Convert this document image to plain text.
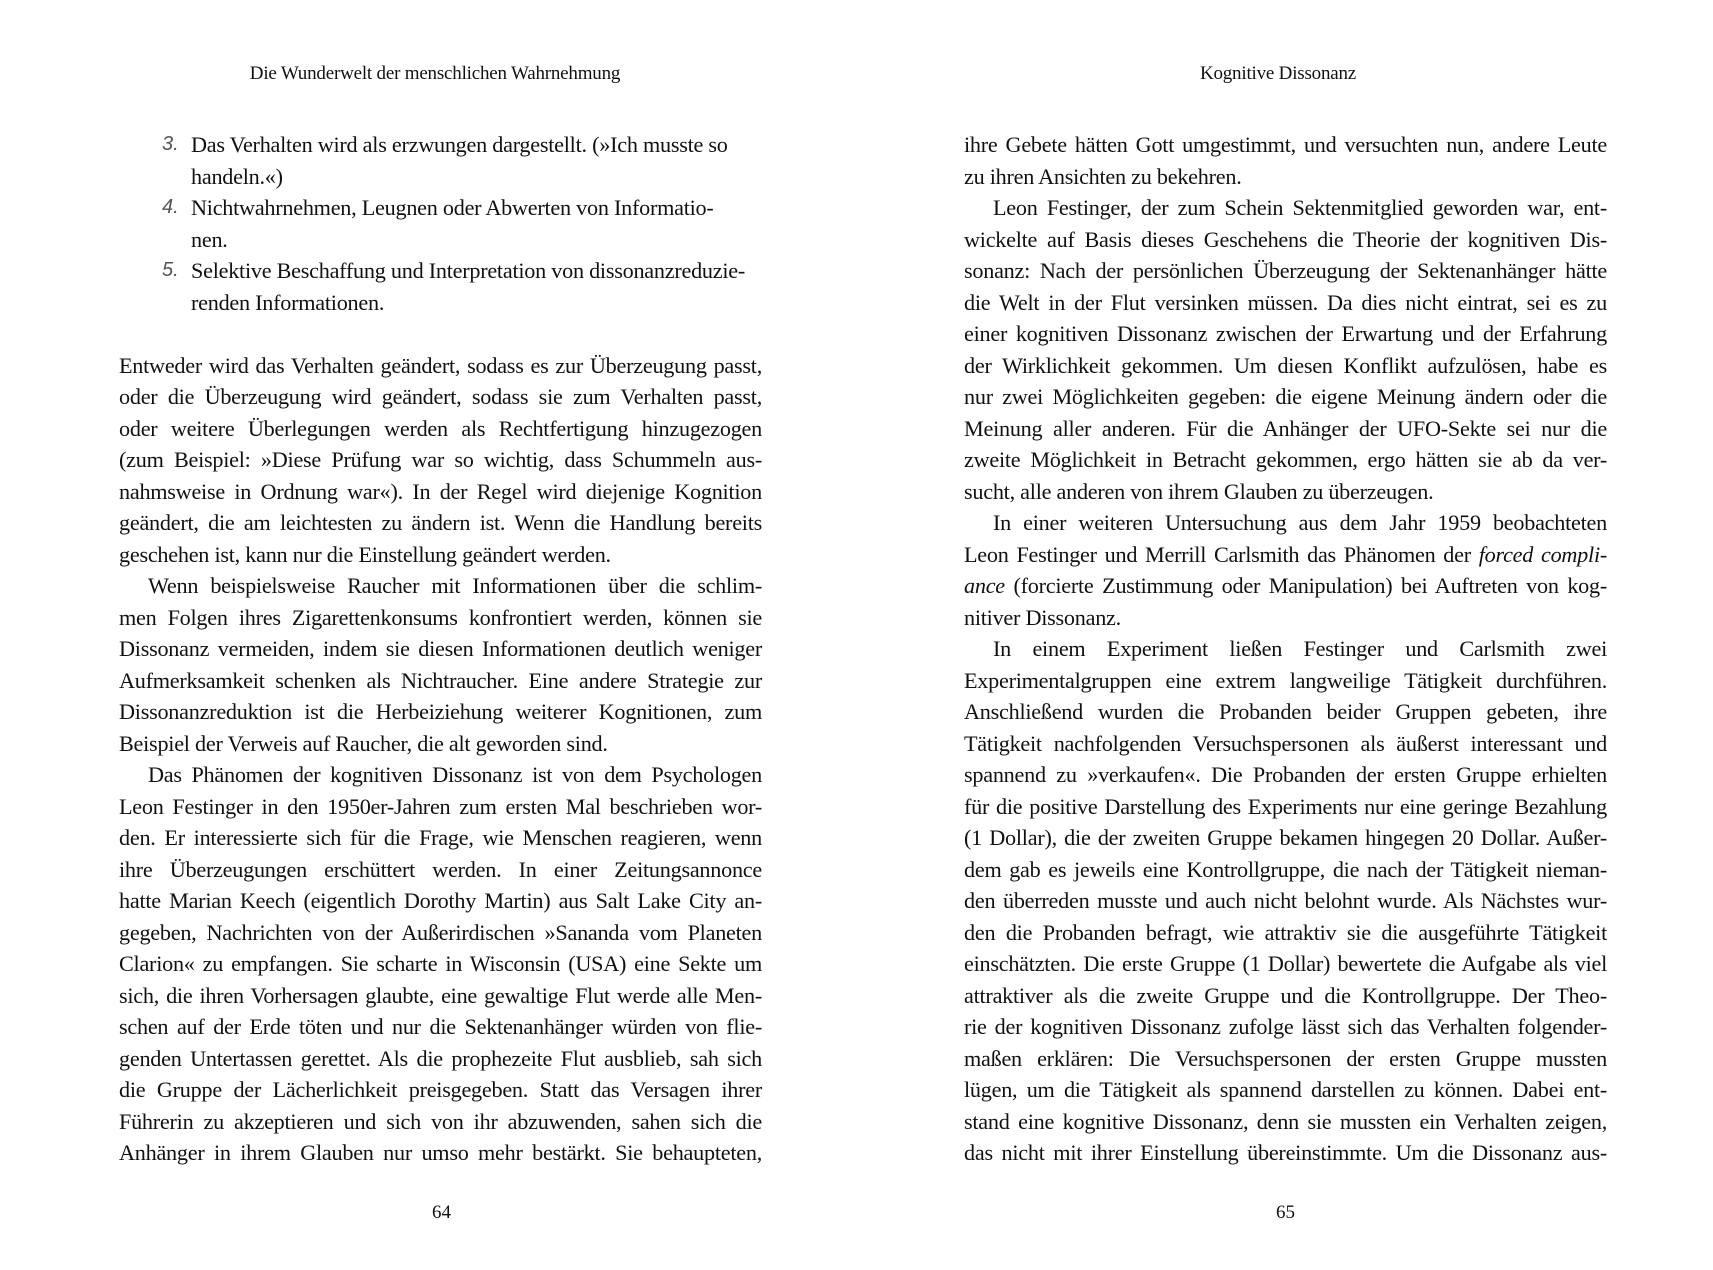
Die Wunderwelt der menschlichen Wahrnehmung
3. Das Verhalten wird als erzwungen dargestellt. (»Ich musste so
handeln.«)
4. Nichtwahrnehmen, Leugnen oder Abwerten von Informatio-
nen.
5. Selektive Beschaffung und Interpretation von dissonanzreduzie-
renden Informationen.
Entweder wird das Verhalten geändert, sodass es zur Überzeugung passt,
oder die Überzeugung wird geändert, sodass sie zum Verhalten passt,
oder weitere Überlegungen werden als Rechtfertigung hinzugezogen
(zum Beispiel: »Diese Prüfung war so wichtig, dass Schummeln aus-
nahmsweise in Ordnung war«). In der Regel wird diejenige Kognition
geändert, die am leichtesten zu ändern ist. Wenn die Handlung bereits
geschehen ist, kann nur die Einstellung geändert werden.
Wenn beispielsweise Raucher mit Informationen über die schlim-
men Folgen ihres Zigarettenkonsums konfrontiert werden, können sie
Dissonanz vermeiden, indem sie diesen Informationen deutlich weniger
Aufmerksamkeit schenken als Nichtraucher. Eine andere Strategie zur
Dissonanzreduktion ist die Herbeiziehung weiterer Kognitionen, zum
Beispiel der Verweis auf Raucher, die alt geworden sind.
Das Phänomen der kognitiven Dissonanz ist von dem Psychologen
Leon Festinger in den 1950er-Jahren zum ersten Mal beschrieben wor-
den. Er interessierte sich für die Frage, wie Menschen reagieren, wenn
ihre Überzeugungen erschüttert werden. In einer Zeitungsannonce
hatte Marian Keech (eigentlich Dorothy Martin) aus Salt Lake City an-
gegeben, Nachrichten von der Außerirdischen »Sananda vom Planeten
Clarion« zu empfangen. Sie scharte in Wisconsin (USA) eine Sekte um
sich, die ihren Vorhersagen glaubte, eine gewaltige Flut werde alle Men-
schen auf der Erde töten und nur die Sektenanhänger würden von flie-
genden Untertassen gerettet. Als die prophezeite Flut ausblieb, sah sich
die Gruppe der Lächerlichkeit preisgegeben. Statt das Versagen ihrer
Führerin zu akzeptieren und sich von ihr abzuwenden, sahen sich die
Anhänger in ihrem Glauben nur umso mehr bestärkt. Sie behaupteten,
64
Kognitive Dissonanz
ihre Gebete hätten Gott umgestimmt, und versuchten nun, andere Leute
zu ihren Ansichten zu bekehren.
Leon Festinger, der zum Schein Sektenmitglied geworden war, ent-
wickelte auf Basis dieses Geschehens die Theorie der kognitiven Dis-
sonanz: Nach der persönlichen Überzeugung der Sektenanhänger hätte
die Welt in der Flut versinken müssen. Da dies nicht eintrat, sei es zu
einer kognitiven Dissonanz zwischen der Erwartung und der Erfahrung
der Wirklichkeit gekommen. Um diesen Konflikt aufzulösen, habe es
nur zwei Möglichkeiten gegeben: die eigene Meinung ändern oder die
Meinung aller anderen. Für die Anhänger der UFO-Sekte sei nur die
zweite Möglichkeit in Betracht gekommen, ergo hätten sie ab da ver-
sucht, alle anderen von ihrem Glauben zu überzeugen.
In einer weiteren Untersuchung aus dem Jahr 1959 beobachteten
Leon Festinger und Merrill Carlsmith das Phänomen der forced compli-
ance (forcierte Zustimmung oder Manipulation) bei Auftreten von kog-
nitiver Dissonanz.
In einem Experiment ließen Festinger und Carlsmith zwei
Experimentalgruppen eine extrem langweilige Tätigkeit durchführen.
Anschließend wurden die Probanden beider Gruppen gebeten, ihre
Tätigkeit nachfolgenden Versuchspersonen als äußerst interessant und
spannend zu »verkaufen«. Die Probanden der ersten Gruppe erhielten
für die positive Darstellung des Experiments nur eine geringe Bezahlung
(1 Dollar), die der zweiten Gruppe bekamen hingegen 20 Dollar. Außer-
dem gab es jeweils eine Kontrollgruppe, die nach der Tätigkeit nieman-
den überreden musste und auch nicht belohnt wurde. Als Nächstes wur-
den die Probanden befragt, wie attraktiv sie die ausgeführte Tätigkeit
einschätzten. Die erste Gruppe (1 Dollar) bewertete die Aufgabe als viel
attraktiver als die zweite Gruppe und die Kontrollgruppe. Der Theo-
rie der kognitiven Dissonanz zufolge lässt sich das Verhalten folgender-
maßen erklären: Die Versuchspersonen der ersten Gruppe mussten
lügen, um die Tätigkeit als spannend darstellen zu können. Dabei ent-
stand eine kognitive Dissonanz, denn sie mussten ein Verhalten zeigen,
das nicht mit ihrer Einstellung übereinstimmte. Um die Dissonanz aus-
65
